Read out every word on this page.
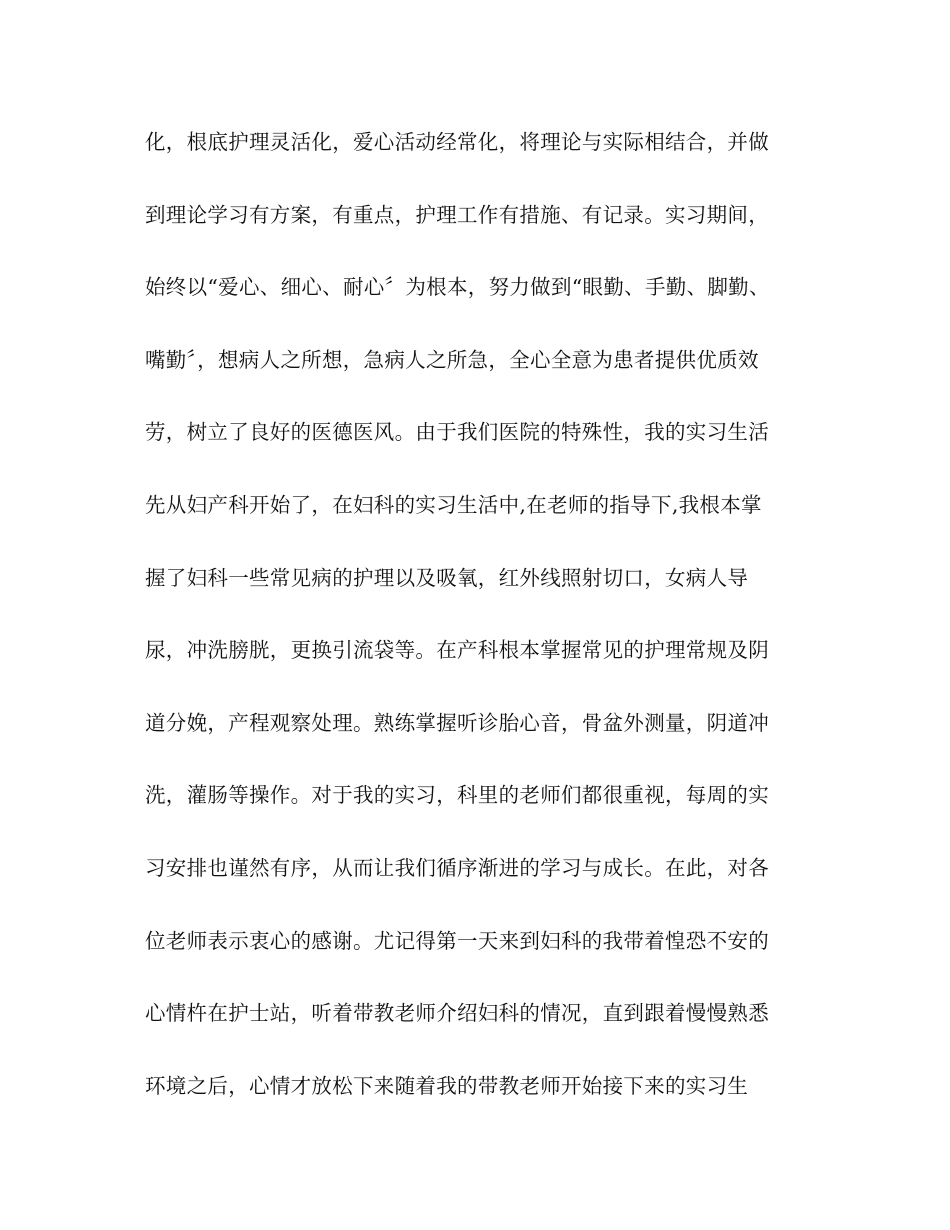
化，根底护理灵活化，爱心活动经常化，将理论与实际相结合，并做
到理论学习有方案，有重点，护理工作有措施、有记录。实习期间，
始终以“爱心、细心、耐心〞为根本，努力做到“眼勤、手勤、脚勤、
嘴勤〞，想病人之所想，急病人之所急，全心全意为患者提供优质效
劳，树立了良好的医德医风。由于我们医院的特殊性，我的实习生活
先从妇产科开始了，在妇科的实习生活中,在老师的指导下,我根本掌
握了妇科一些常见病的护理以及吸氧，红外线照射切口，女病人导
尿，冲洗膀胱，更换引流袋等。在产科根本掌握常见的护理常规及阴
道分娩，产程观察处理。熟练掌握听诊胎心音，骨盆外测量，阴道冲
洗，灌肠等操作。对于我的实习，科里的老师们都很重视，每周的实
习安排也谨然有序，从而让我们循序渐进的学习与成长。在此，对各
位老师表示衷心的感谢。尤记得第一天来到妇科的我带着惶恐不安的
心情杵在护士站，听着带教老师介绍妇科的情况，直到跟着慢慢熟悉
环境之后，心情才放松下来随着我的带教老师开始接下来的实习生
